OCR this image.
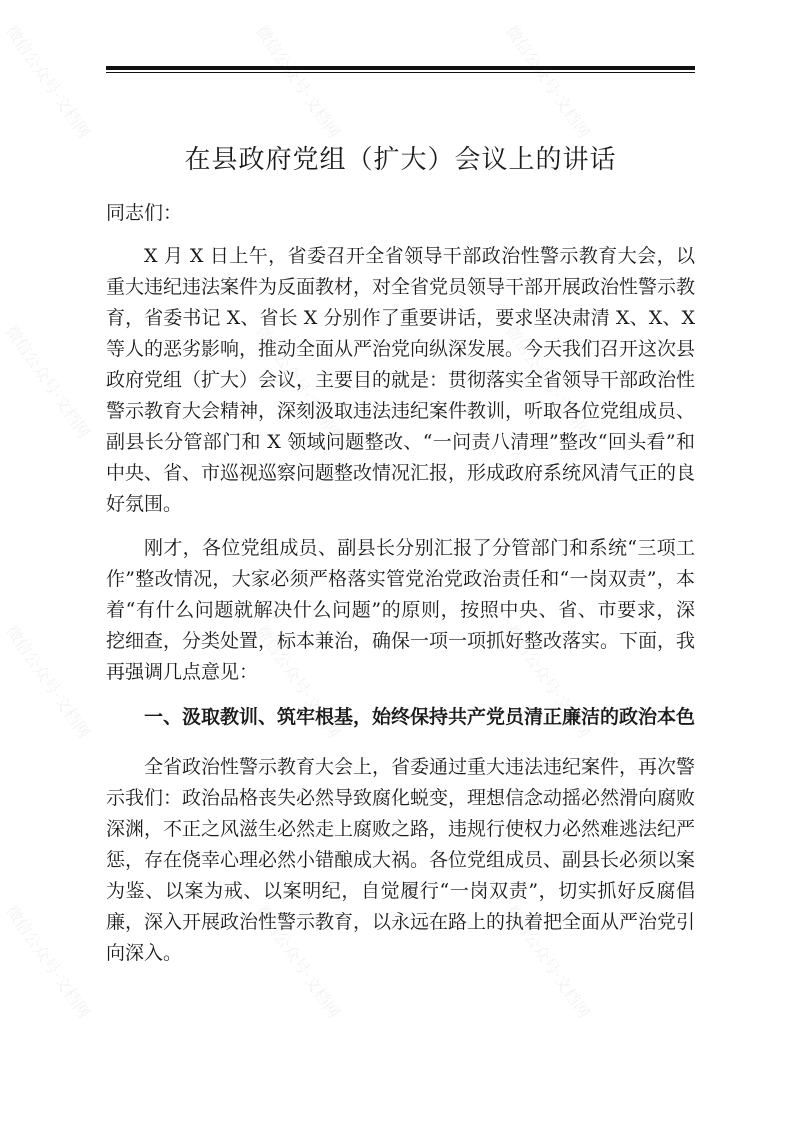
微信公众号·文档网	微信公众号·文档网	微信公众号·文档网
微信公众号·文档网	微信公众号·文档网	微信公众号·文档网
微信公众号·文档网	微信公众号·文档网	微信公众号·文档网
微信公众号·文档网	微信公众号·文档网	微信公众号·文档网
在县政府党组（扩大）会议上的讲话

同志们：

X 月 X 日上午，省委召开全省领导干部政治性警示教育大会，以重大违纪违法案件为反面教材，对全省党员领导干部开展政治性警示教育，省委书记 X、省长 X 分别作了重要讲话，要求坚决肃清 X、X、X 等人的恶劣影响，推动全面从严治党向纵深发展。今天我们召开这次县政府党组（扩大）会议，主要目的就是：贯彻落实全省领导干部政治性警示教育大会精神，深刻汲取违法违纪案件教训，听取各位党组成员、副县长分管部门和 X 领域问题整改、“一问责八清理”整改“回头看”和中央、省、市巡视巡察问题整改情况汇报，形成政府系统风清气正的良好氛围。

刚才，各位党组成员、副县长分别汇报了分管部门和系统“三项工作”整改情况，大家必须严格落实管党治党政治责任和“一岗双责”，本着“有什么问题就解决什么问题”的原则，按照中央、省、市要求，深挖细查，分类处置，标本兼治，确保一项一项抓好整改落实。下面，我再强调几点意见：

一、汲取教训、筑牢根基，始终保持共产党员清正廉洁的政治本色

全省政治性警示教育大会上，省委通过重大违法违纪案件，再次警示我们：政治品格丧失必然导致腐化蜕变，理想信念动摇必然滑向腐败深渊，不正之风滋生必然走上腐败之路，违规行使权力必然难逃法纪严惩，存在侥幸心理必然小错酿成大祸。各位党组成员、副县长必须以案为鉴、以案为戒、以案明纪，自觉履行“一岗双责”，切实抓好反腐倡廉，深入开展政治性警示教育，以永远在路上的执着把全面从严治党引向深入。
